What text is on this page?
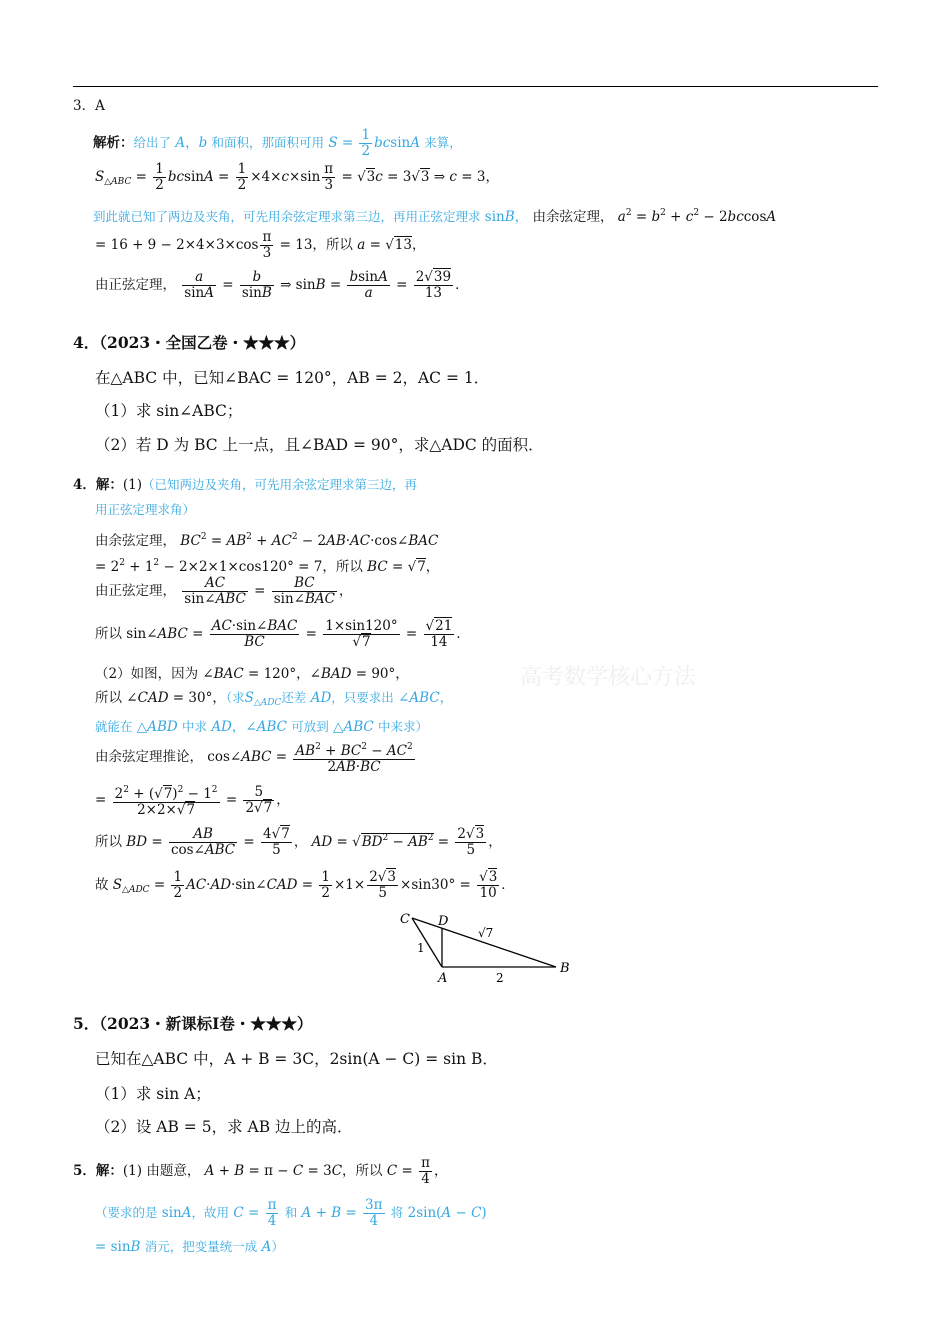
高考数学核心方法
3．A
解析：给出了 A，b 和面积，那面积可用 $S = \frac{1}{2}$ bcsinA 来算，
$S_{\triangle ABC} = \frac{1}{2}$ $bcsinA = \frac{1}{2} \times 4\times c\times\sin \frac{\pi}{3} = √3c = 3√3$ ⇒ c = 3，
到此就已知了两边及夹角，可先用余弦定理求第三边，再用正弦定理求 sinB， 由余弦定理， $a^2 = b^2 + c^2 - 2bccosA$
= $16 + 9 - 2\times 4\times 3\times\cos \frac{\pi}{3} = 13$，所以 a = √13，
由正弦定理， $\frac{a}{\sin A} = \frac{b}{\sin B}$ ⇒ $\sin B = \frac{bsinA}{a} = \frac{2√39}{13}$ ．
4．（2023・全国乙卷・★★★）
在△ABC 中，已知∠BAC = 120°，AB = 2，AC = 1．
（1）求 sin∠ABC；
（2）若 D 为 BC 上一点，且∠BAD = 90°，求△ADC 的面积．
4．解：(1)（已知两边及夹角，可先用余弦定理求第三边，再
用正弦定理求角）
由余弦定理， $BC^2 = AB^2 + AC^2$ − 2AB·AC·cos∠BAC
= $2^2 + 1^2 - 2\times 2\times 1\times\cos 120^\circ = 7$，所以 BC = √7，
由正弦定理， $\frac{AC}{\text{sin∠ABC}} = \frac{BC}{\text{sin∠BAC}}$ ，
所以 sin∠ABC = $\frac{\text{AC·sin∠BAC}}{BC} = \frac{1\times\sin 120^\circ}{√7} = \frac{√21}{14}$ ．
（2）如图，因为 ∠BAC = 120°，∠BAD = 90°，
所以 ∠CAD = 30°，（求$S_{\triangle ADC}$还差 AD，只要求出 ∠ABC，
就能在 △ABD 中求 AD，∠ABC 可放到 △ABC 中来求）
由余弦定理推论， cos∠ABC = $\frac{AB^2 + BC^2 - AC^2}{2AB\cdot BC}$
= $\frac{2^2 + (√7)^2 - 1^2}{2\times 2\times√7} = \frac{5}{2√7}$ ，
所以 BD = $\frac{AB}{\text{cos∠ABC}} = \frac{4√7}{5}$ ， AD = $√BD^2 - AB^2 = \frac{2√3}{5}$ ，
故 $S_{\triangle ADC} = \frac{1}{2}$ AC·AD·sin∠CAD = $\frac{1}{2} \times 1\times \frac{2√3}{5} \times\sin 30^\circ = \frac{√3}{10}$ ．
C D
A
B
1
2
√7
5．（2023・新课标Ⅰ卷・★★★）
已知在△ABC 中，A + B = 3C，2sin(A − C) = sin B．
（1）求 sin A；
（2）设 AB = 5，求 AB 边上的高．
5．解：(1) 由题意， A + B = π − C = 3C，所以 $C = \frac{\pi}{4}$ ，
（要求的是 sinA，故用 $C = \frac{\pi}{4}$ 和 $A + B = \frac{3\pi}{4}$ 将 2sin(A − C)
= sinB 消元，把变量统一成 A）
